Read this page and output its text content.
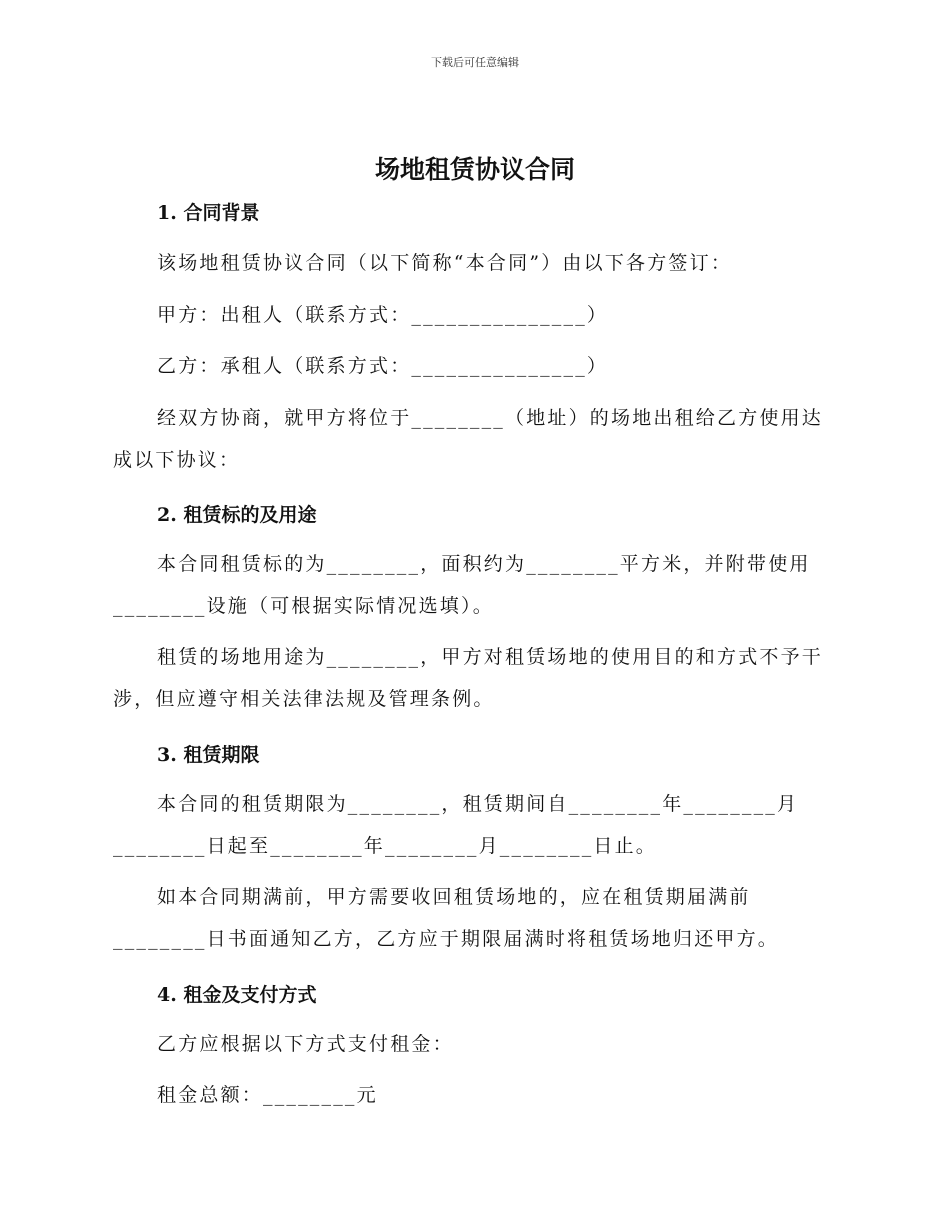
下载后可任意编辑
场地租赁协议合同
1. 合同背景

该场地租赁协议合同（以下简称“本合同”）由以下各方签订：

甲方：出租人（联系方式：_______________）

乙方：承租人（联系方式：_______________）

经双方协商，就甲方将位于________（地址）的场地出租给乙方使用达成以下协议：

2. 租赁标的及用途

本合同租赁标的为________，面积约为________平方米，并附带使用________设施（可根据实际情况选填）。

租赁的场地用途为________，甲方对租赁场地的使用目的和方式不予干涉，但应遵守相关法律法规及管理条例。

3. 租赁期限

本合同的租赁期限为________，租赁期间自________年________月________日起至________年________月________日止。

如本合同期满前，甲方需要收回租赁场地的，应在租赁期届满前________日书面通知乙方，乙方应于期限届满时将租赁场地归还甲方。

4. 租金及支付方式

乙方应根据以下方式支付租金：

租金总额：________元
